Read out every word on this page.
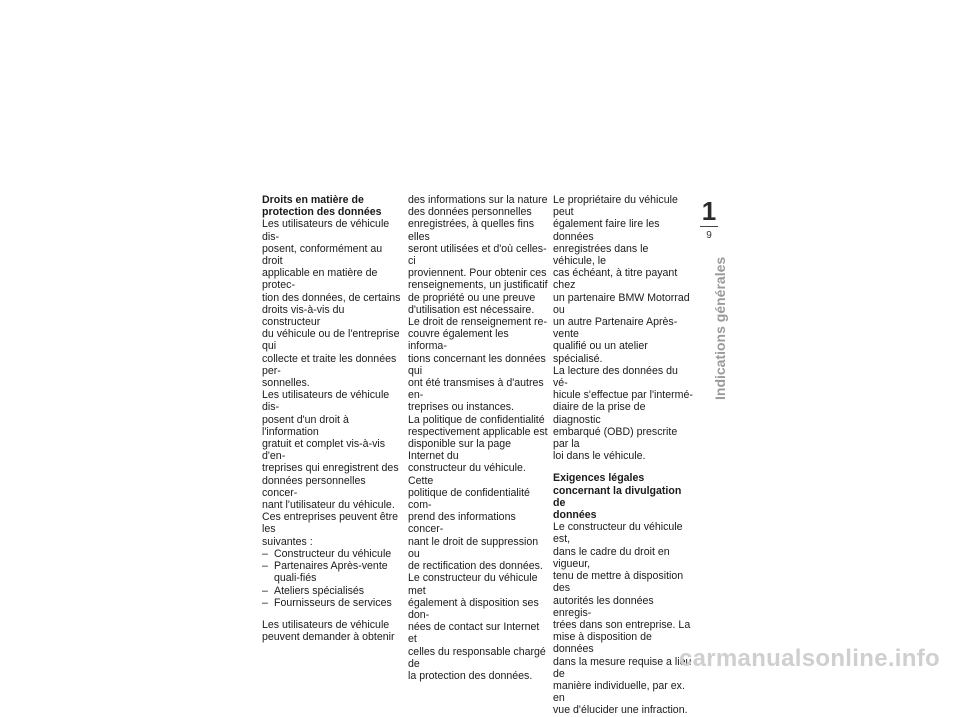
Droits en matière de
protection des données

Les utilisateurs de véhicule dis-
posent, conformément au droit
applicable en matière de protec-
tion des données, de certains
droits vis-à-vis du constructeur
du véhicule ou de l'entreprise qui
collecte et traite les données per-
sonnelles.
Les utilisateurs de véhicule dis-
posent d'un droit à l'information
gratuit et complet vis-à-vis d'en-
treprises qui enregistrent des
données personnelles concer-
nant l'utilisateur du véhicule.
Ces entreprises peuvent être les
suivantes :

– Constructeur du véhicule
– Partenaires Après-vente quali-fiés
– Ateliers spécialisés
– Fournisseurs de services

Les utilisateurs de véhicule
peuvent demander à obtenir

des informations sur la nature
des données personnelles
enregistrées, à quelles fins elles
seront utilisées et d'où celles-ci
proviennent. Pour obtenir ces
renseignements, un justificatif
de propriété ou une preuve
d'utilisation est nécessaire.
Le droit de renseignement re-
couvre également les informa-
tions concernant les données qui
ont été transmises à d'autres en-
treprises ou instances.
La politique de confidentialité
respectivement applicable est
disponible sur la page Internet du
constructeur du véhicule. Cette
politique de confidentialité com-
prend des informations concer-
nant le droit de suppression ou
de rectification des données.
Le constructeur du véhicule met
également à disposition ses don-
nées de contact sur Internet et
celles du responsable chargé de
la protection des données.

Le propriétaire du véhicule peut
également faire lire les données
enregistrées dans le véhicule, le
cas échéant, à titre payant chez
un partenaire BMW Motorrad ou
un autre Partenaire Après-vente
qualifié ou un atelier spécialisé.
La lecture des données du vé-
hicule s'effectue par l'intermé-
diaire de la prise de diagnostic
embarqué (OBD) prescrite par la
loi dans le véhicule.

Exigences légales
concernant la divulgation de
données

Le constructeur du véhicule est,
dans le cadre du droit en vigueur,
tenu de mettre à disposition des
autorités les données enregis-
trées dans son entreprise. La
mise à disposition de données
dans la mesure requise a lieu de
manière individuelle, par ex. en
vue d'élucider une infraction.

1
9
Indications générales
carmanualsonline.info
